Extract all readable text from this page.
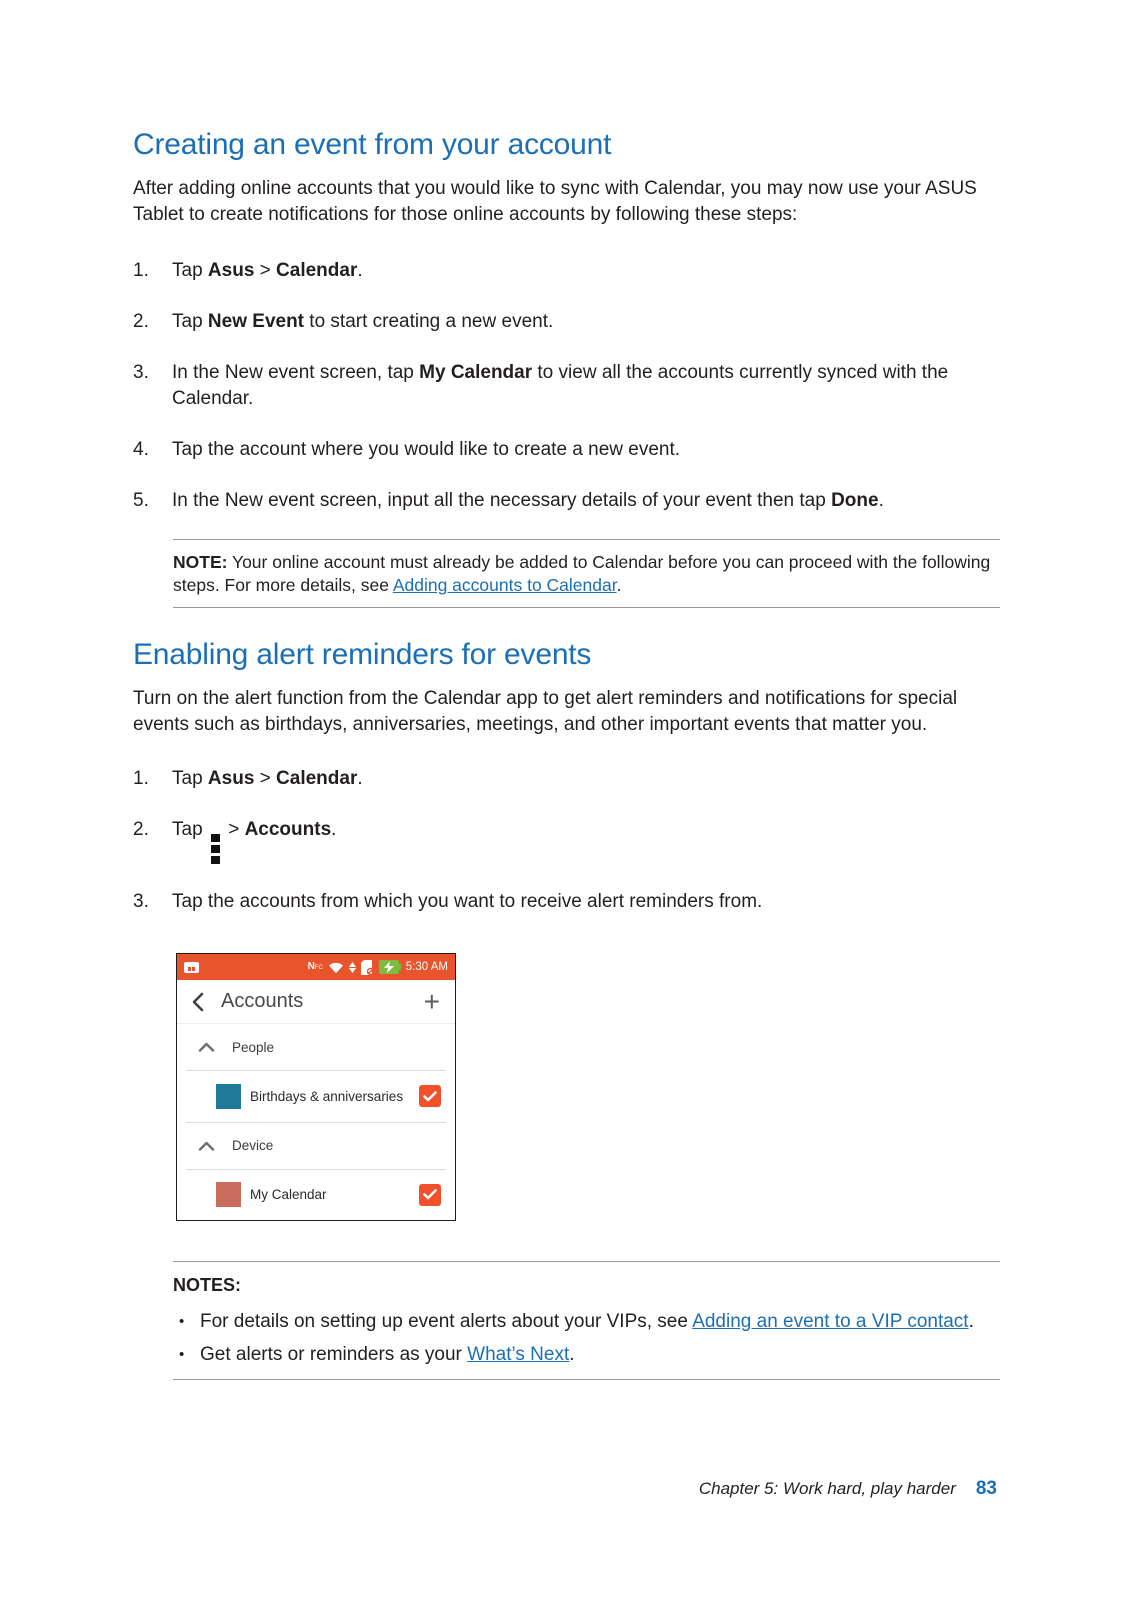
Creating an event from your account

After adding online accounts that you would like to sync with Calendar, you may now use your ASUS Tablet to create notifications for those online accounts by following these steps:

1.	Tap Asus > Calendar.
2.	Tap New Event to start creating a new event.
3.	In the New event screen, tap My Calendar to view all the accounts currently synced with the Calendar.
4.	Tap the account where you would like to create a new event.
5.	In the New event screen, input all the necessary details of your event then tap Done.
NOTE: Your online account must already be added to Calendar before you can proceed with the following steps. For more details, see Adding accounts to Calendar.
Enabling alert reminders for events

Turn on the alert function from the Calendar app to get alert reminders and notifications for special events such as birthdays, anniversaries, meetings, and other important events that matter you.

1.	Tap Asus > Calendar.
2.	Tap
> Accounts.
3.	Tap the accounts from which you want to receive alert reminders from.
NFC	5:30 AM
Accounts	+
People
Birthdays & anniversaries
Device
My Calendar
NOTES:
• For details on setting up event alerts about your VIPs, see Adding an event to a VIP contact.
• Get alerts or reminders as your What’s Next.
Chapter 5: Work hard, play harder 83
